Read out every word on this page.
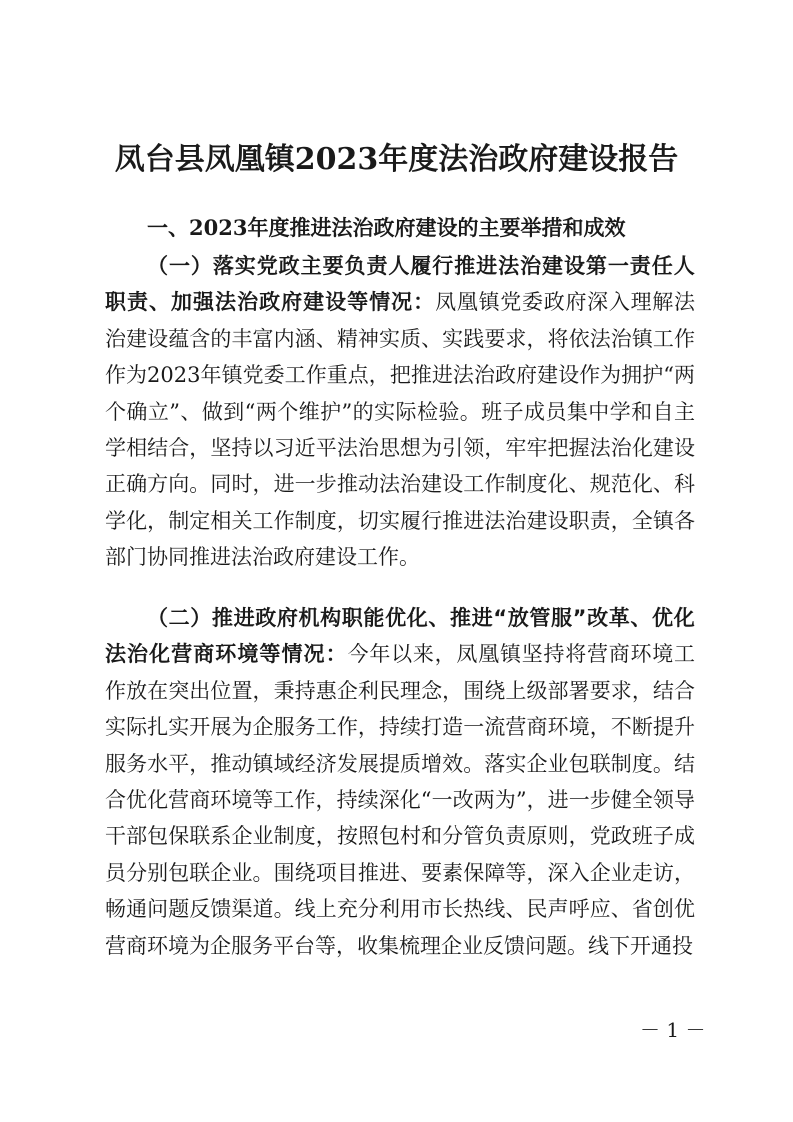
凤台县凤凰镇2023年度法治政府建设报告
一、2023年度推进法治政府建设的主要举措和成效

（一）落实党政主要负责人履行推进法治建设第一责任人职责、加强法治政府建设等情况：凤凰镇党委政府深入理解法治建设蕴含的丰富内涵、精神实质、实践要求，将依法治镇工作作为2023年镇党委工作重点，把推进法治政府建设作为拥护“两个确立”、做到“两个维护”的实际检验。班子成员集中学和自主学相结合，坚持以习近平法治思想为引领，牢牢把握法治化建设正确方向。同时，进一步推动法治建设工作制度化、规范化、科学化，制定相关工作制度，切实履行推进法治建设职责，全镇各部门协同推进法治政府建设工作。

（二）推进政府机构职能优化、推进“放管服”改革、优化法治化营商环境等情况：今年以来，凤凰镇坚持将营商环境工作放在突出位置，秉持惠企利民理念，围绕上级部署要求，结合实际扎实开展为企服务工作，持续打造一流营商环境，不断提升服务水平，推动镇域经济发展提质增效。落实企业包联制度。结合优化营商环境等工作，持续深化“一改两为”，进一步健全领导干部包保联系企业制度，按照包村和分管负责原则，党政班子成员分别包联企业。围绕项目推进、要素保障等，深入企业走访，畅通问题反馈渠道。线上充分利用市长热线、民声呼应、省创优营商环境为企服务平台等，收集梳理企业反馈问题。线下开通投

－ 1 －
